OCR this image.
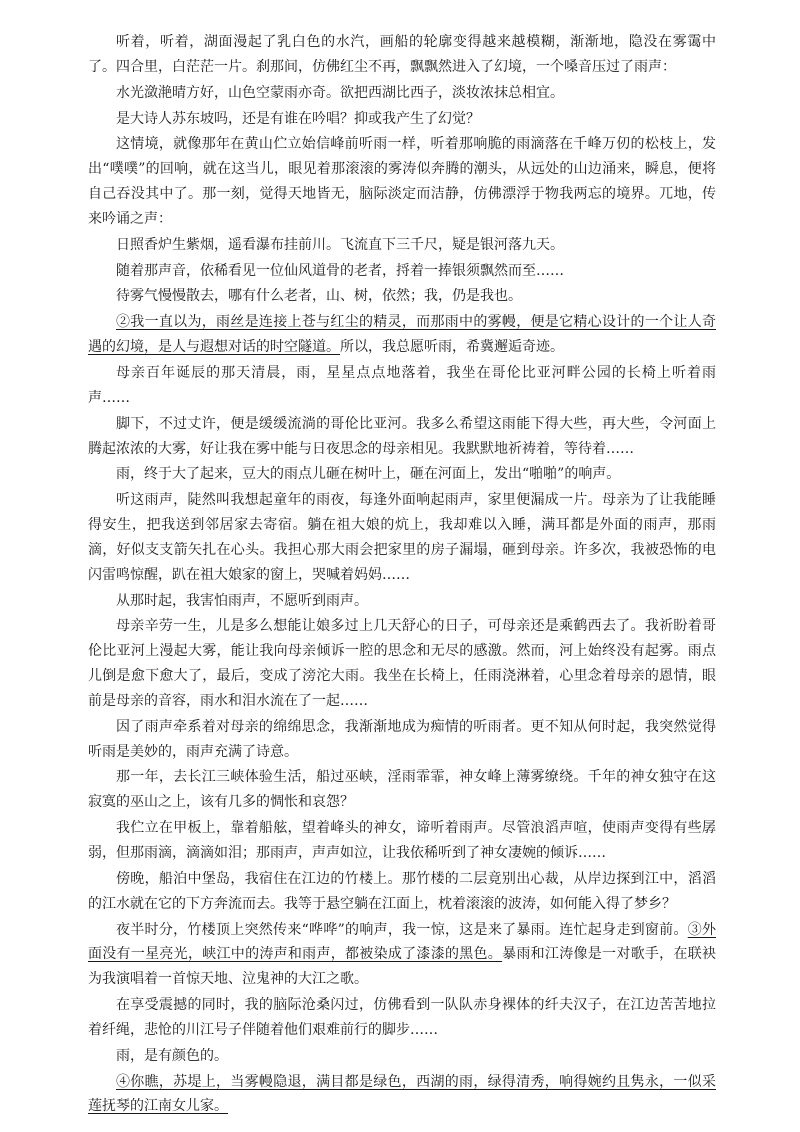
听着，听着，湖面漫起了乳白色的水汽，画船的轮廓变得越来越模糊，渐渐地，隐没在雾霭中了。四合里，白茫茫一片。刹那间，仿佛红尘不再，飘飘然进入了幻境，一个嗓音压过了雨声：

水光潋滟晴方好，山色空蒙雨亦奇。欲把西湖比西子，淡妆浓抹总相宜。

是大诗人苏东坡吗，还是有谁在吟唱？抑或我产生了幻觉？

这情境，就像那年在黄山伫立始信峰前听雨一样，听着那响脆的雨滴落在千峰万仞的松枝上，发出“噗噗”的回响，就在这当儿，眼见着那滚滚的雾涛似奔腾的潮头，从远处的山边涌来，瞬息，便将自己吞没其中了。那一刻，觉得天地皆无，脑际淡定而洁静，仿佛漂浮于物我两忘的境界。兀地，传来吟诵之声：

日照香炉生紫烟，遥看瀑布挂前川。飞流直下三千尺，疑是银河落九天。

随着那声音，依稀看见一位仙风道骨的老者，捋着一捧银须飘然而至……

待雾气慢慢散去，哪有什么老者，山、树，依然；我，仍是我也。

②我一直以为，雨丝是连接上苍与红尘的精灵，而那雨中的雾幔，便是它精心设计的一个让人奇遇的幻境，是人与遐想对话的时空隧道。所以，我总愿听雨，希冀邂逅奇迹。

母亲百年诞辰的那天清晨，雨，星星点点地落着，我坐在哥伦比亚河畔公园的长椅上听着雨声……

脚下，不过丈许，便是缓缓流淌的哥伦比亚河。我多么希望这雨能下得大些，再大些，令河面上腾起浓浓的大雾，好让我在雾中能与日夜思念的母亲相见。我默默地祈祷着，等待着……

雨，终于大了起来，豆大的雨点儿砸在树叶上，砸在河面上，发出“啪啪”的响声。

听这雨声，陡然叫我想起童年的雨夜，每逢外面响起雨声，家里便漏成一片。母亲为了让我能睡得安生，把我送到邻居家去寄宿。躺在祖大娘的炕上，我却难以入睡，满耳都是外面的雨声，那雨滴，好似支支箭矢扎在心头。我担心那大雨会把家里的房子漏塌，砸到母亲。许多次，我被恐怖的电闪雷鸣惊醒，趴在祖大娘家的窗上，哭喊着妈妈……

从那时起，我害怕雨声，不愿听到雨声。

母亲辛劳一生，儿是多么想能让娘多过上几天舒心的日子，可母亲还是乘鹤西去了。我祈盼着哥伦比亚河上漫起大雾，能让我向母亲倾诉一腔的思念和无尽的感激。然而，河上始终没有起雾。雨点儿倒是愈下愈大了，最后，变成了滂沱大雨。我坐在长椅上，任雨浇淋着，心里念着母亲的恩情，眼前是母亲的音容，雨水和泪水流在了一起……

因了雨声牵系着对母亲的绵绵思念，我渐渐地成为痴情的听雨者。更不知从何时起，我突然觉得听雨是美妙的，雨声充满了诗意。

那一年，去长江三峡体验生活，船过巫峡，淫雨霏霏，神女峰上薄雾缭绕。千年的神女独守在这寂寞的巫山之上，该有几多的惆怅和哀怨？

我伫立在甲板上，靠着船舷，望着峰头的神女，谛听着雨声。尽管浪滔声喧，使雨声变得有些孱弱，但那雨滴，滴滴如泪；那雨声，声声如泣，让我依稀听到了神女凄婉的倾诉……

傍晚，船泊中堡岛，我宿住在江边的竹楼上。那竹楼的二层竟别出心裁，从岸边探到江中，滔滔的江水就在它的下方奔流而去。我等于悬空躺在江面上，枕着滚滚的波涛，如何能入得了梦乡？

夜半时分，竹楼顶上突然传来“哗哗”的响声，我一惊，这是来了暴雨。连忙起身走到窗前。③外面没有一星亮光，峡江中的涛声和雨声，都被染成了漆漆的黑色。暴雨和江涛像是一对歌手，在联袂为我演唱着一首惊天地、泣鬼神的大江之歌。

在享受震撼的同时，我的脑际沧桑闪过，仿佛看到一队队赤身裸体的纤夫汉子，在江边苦苦地拉着纤绳，悲怆的川江号子伴随着他们艰难前行的脚步……

雨，是有颜色的。

④你瞧，苏堤上，当雾幔隐退，满目都是绿色，西湖的雨，绿得清秀，响得婉约且隽永，一似采莲抚琴的江南女儿家。
